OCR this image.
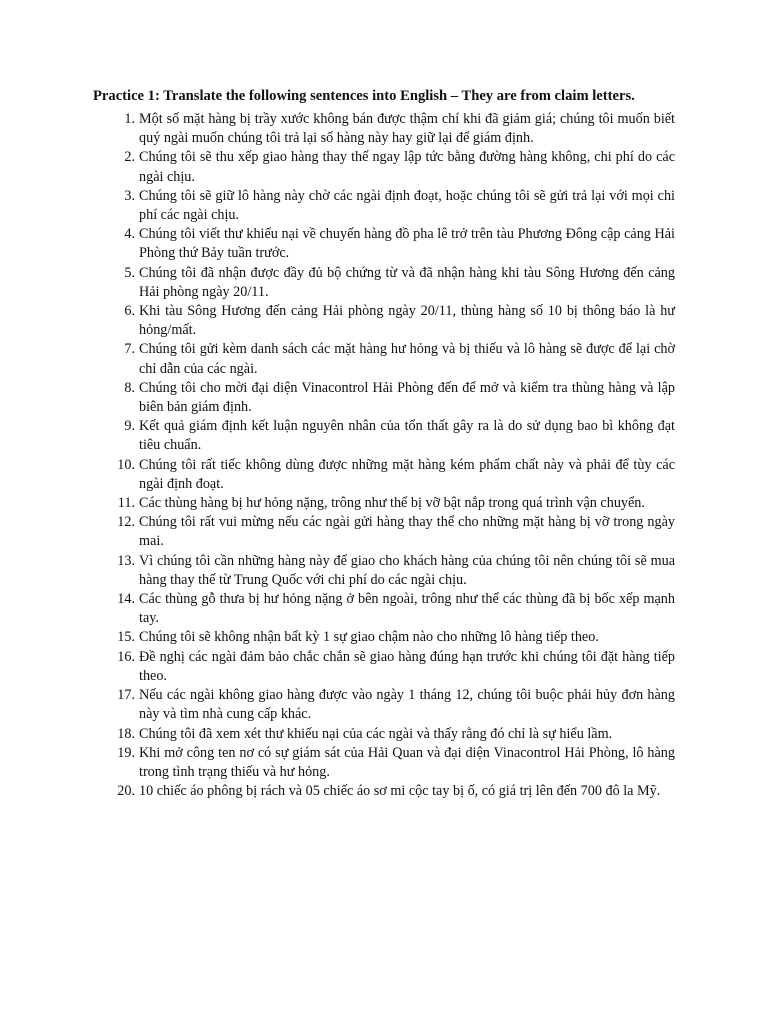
Practice 1: Translate the following sentences into English – They are from claim letters.
1. Một số mặt hàng bị trầy xước không bán được thậm chí khi đã giảm giá; chúng tôi muốn biết quý ngài muốn chúng tôi trả lại số hàng này hay giữ lại để giám định.
2. Chúng tôi sẽ thu xếp giao hàng thay thế ngay lập tức bằng đường hàng không, chi phí do các ngài chịu.
3. Chúng tôi sẽ giữ lô hàng này chờ các ngài định đoạt, hoặc chúng tôi sẽ gửi trả lại với mọi chi phí các ngài chịu.
4. Chúng tôi viết thư khiếu nại về chuyến hàng đồ pha lê trở trên tàu Phương Đông cập cảng Hải Phòng thứ Bảy tuần trước.
5. Chúng tôi đã nhận được đầy đủ bộ chứng từ và đã nhận hàng khi tàu Sông Hương đến cảng Hải phòng ngày 20/11.
6. Khi tàu Sông Hương đến cảng Hải phòng ngày 20/11, thùng hàng số 10 bị thông báo là hư hỏng/mất.
7. Chúng tôi gửi kèm danh sách các mặt hàng hư hỏng và bị thiếu và lô hàng sẽ được để lại chờ chỉ dẫn của các ngài.
8. Chúng tôi cho mời đại diện Vinacontrol Hải Phòng đến để mở và kiểm tra thùng hàng và lập biên bản giám định.
9. Kết quả giám định kết luận nguyên nhân của tổn thất gây ra là do sử dụng bao bì không đạt tiêu chuẩn.
10. Chúng tôi rất tiếc không dùng được những mặt hàng kém phẩm chất này và phải để tùy các ngài định đoạt.
11. Các thùng hàng bị hư hỏng nặng, trông như thể bị vỡ bật nắp trong quá trình vận chuyển.
12. Chúng tôi rất vui mừng nếu các ngài gửi hàng thay thế cho những mặt hàng bị vỡ trong ngày mai.
13. Vì chúng tôi cần những hàng này để giao cho khách hàng của chúng tôi nên chúng tôi sẽ mua hàng thay thế từ Trung Quốc với chi phí do các ngài chịu.
14. Các thùng gỗ thưa bị hư hỏng nặng ở bên ngoài, trông như thể các thùng đã bị bốc xếp mạnh tay.
15. Chúng tôi sẽ không nhận bất kỳ 1 sự giao chậm nào cho những lô hàng tiếp theo.
16. Đề nghị các ngài đảm bảo chắc chắn sẽ giao hàng đúng hạn trước khi chúng tôi đặt hàng tiếp theo.
17. Nếu các ngài không giao hàng được vào ngày 1 tháng 12, chúng tôi buộc phải hủy đơn hàng này và tìm nhà cung cấp khác.
18. Chúng tôi đã xem xét thư khiếu nại của các ngài và thấy rằng đó chỉ là sự hiểu lầm.
19. Khi mở công ten nơ có sự giám sát của Hải Quan và đại diện Vinacontrol Hải Phòng, lô hàng trong tình trạng thiếu và hư hỏng.
20. 10 chiếc áo phông bị rách và 05 chiếc áo sơ mi cộc tay bị ố, có giá trị lên đến 700 đô la Mỹ.
